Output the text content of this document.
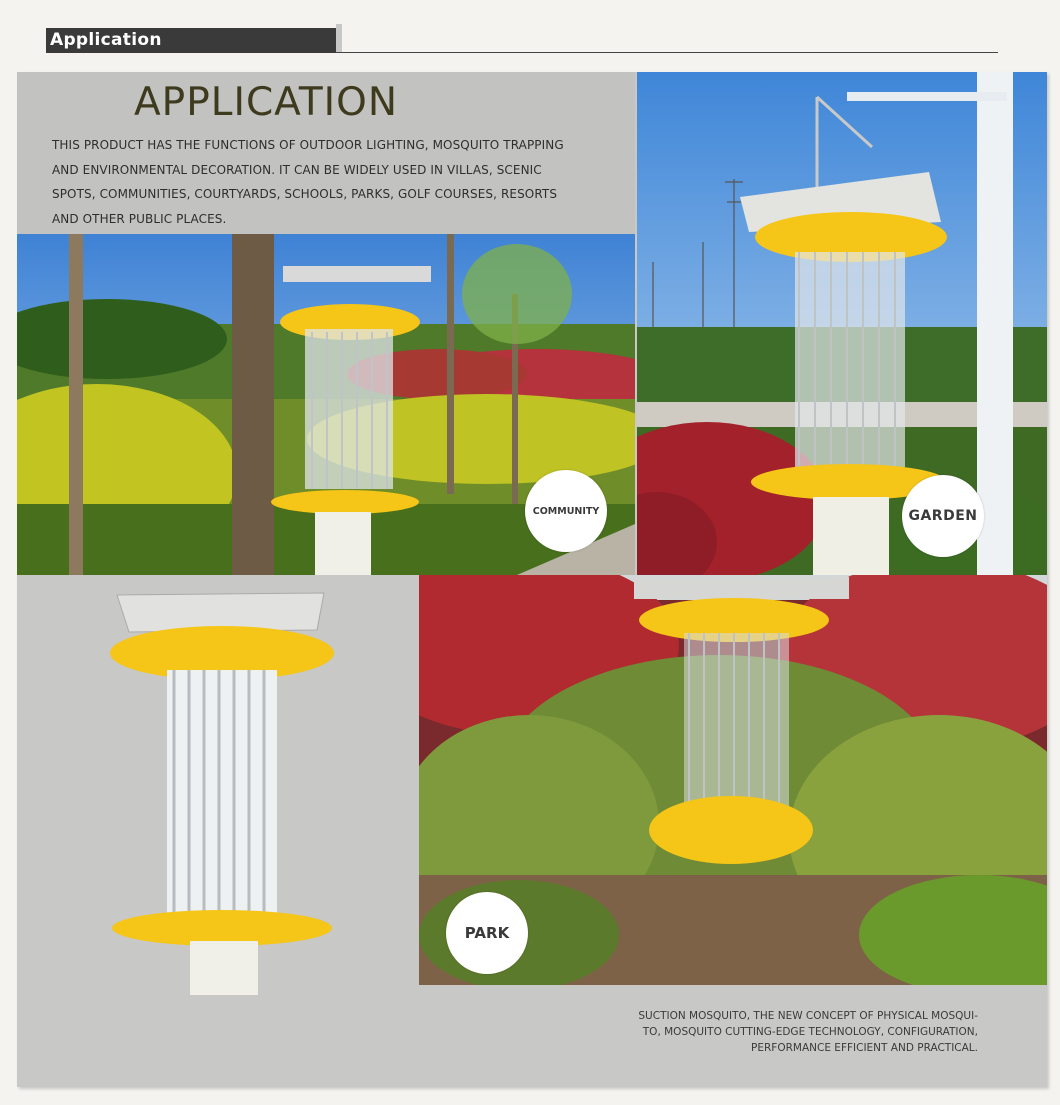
Application
APPLICATION
THIS PRODUCT HAS THE FUNCTIONS OF OUTDOOR LIGHTING, MOSQUITO TRAPPING
AND ENVIRONMENTAL DECORATION. IT CAN BE WIDELY USED IN VILLAS, SCENIC
SPOTS, COMMUNITIES, COURTYARDS, SCHOOLS, PARKS, GOLF COURSES, RESORTS
AND OTHER PUBLIC PLACES.
COMMUNITY	GARDEN
PARK
SUCTION MOSQUITO, THE NEW CONCEPT OF PHYSICAL MOSQUI-
TO, MOSQUITO CUTTING-EDGE TECHNOLOGY, CONFIGURATION,
PERFORMANCE EFFICIENT AND PRACTICAL.
